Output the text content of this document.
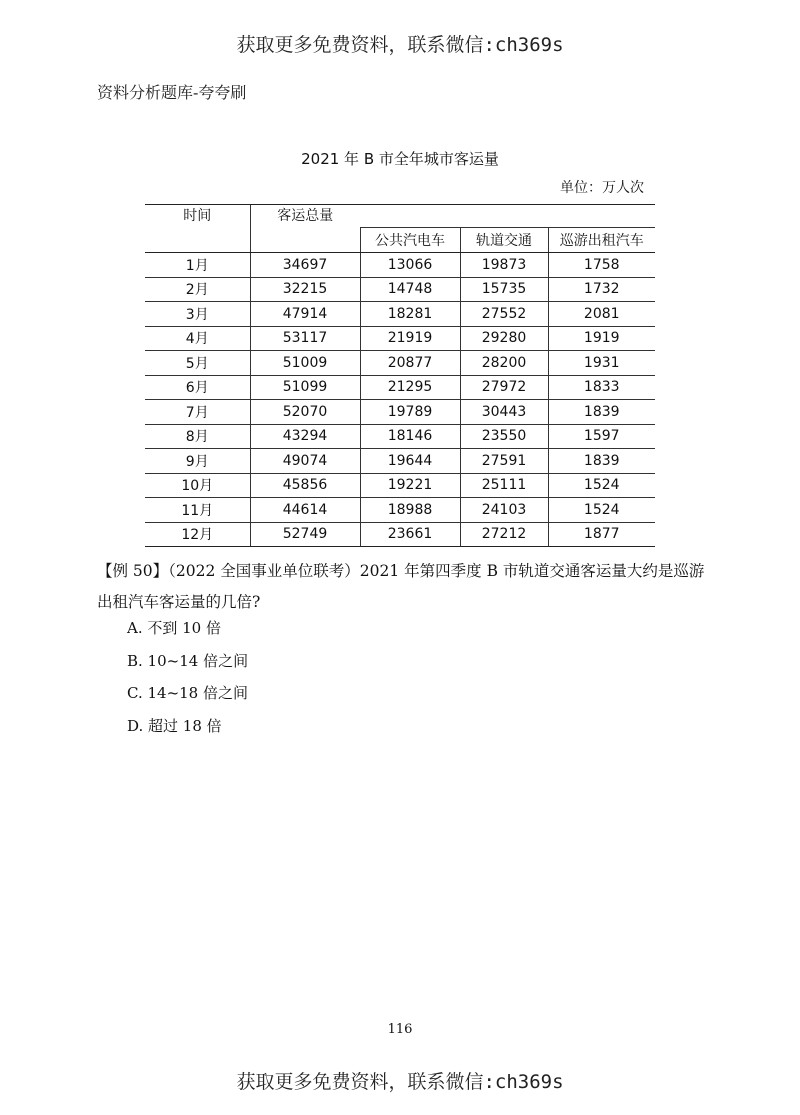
获取更多免费资料，联系微信:ch369s
资料分析题库-夸夸刷
2021 年 B 市全年城市客运量
单位：万人次
时间	客运总量			
		公共汽电车	轨道交通	巡游出租汽车
1月	34697	13066	19873	1758
2月	32215	14748	15735	1732
3月	47914	18281	27552	2081
4月	53117	21919	29280	1919
5月	51009	20877	28200	1931
6月	51099	21295	27972	1833
7月	52070	19789	30443	1839
8月	43294	18146	23550	1597
9月	49074	19644	27591	1839
10月	45856	19221	25111	1524
11月	44614	18988	24103	1524
12月	52749	23661	27212	1877
【例 50】（2022 全国事业单位联考）2021 年第四季度 B 市轨道交通客运量大约是巡游出租汽车客运量的几倍?
A. 不到 10 倍
B. 10~14 倍之间
C. 14~18 倍之间
D. 超过 18 倍
116
获取更多免费资料，联系微信:ch369s
